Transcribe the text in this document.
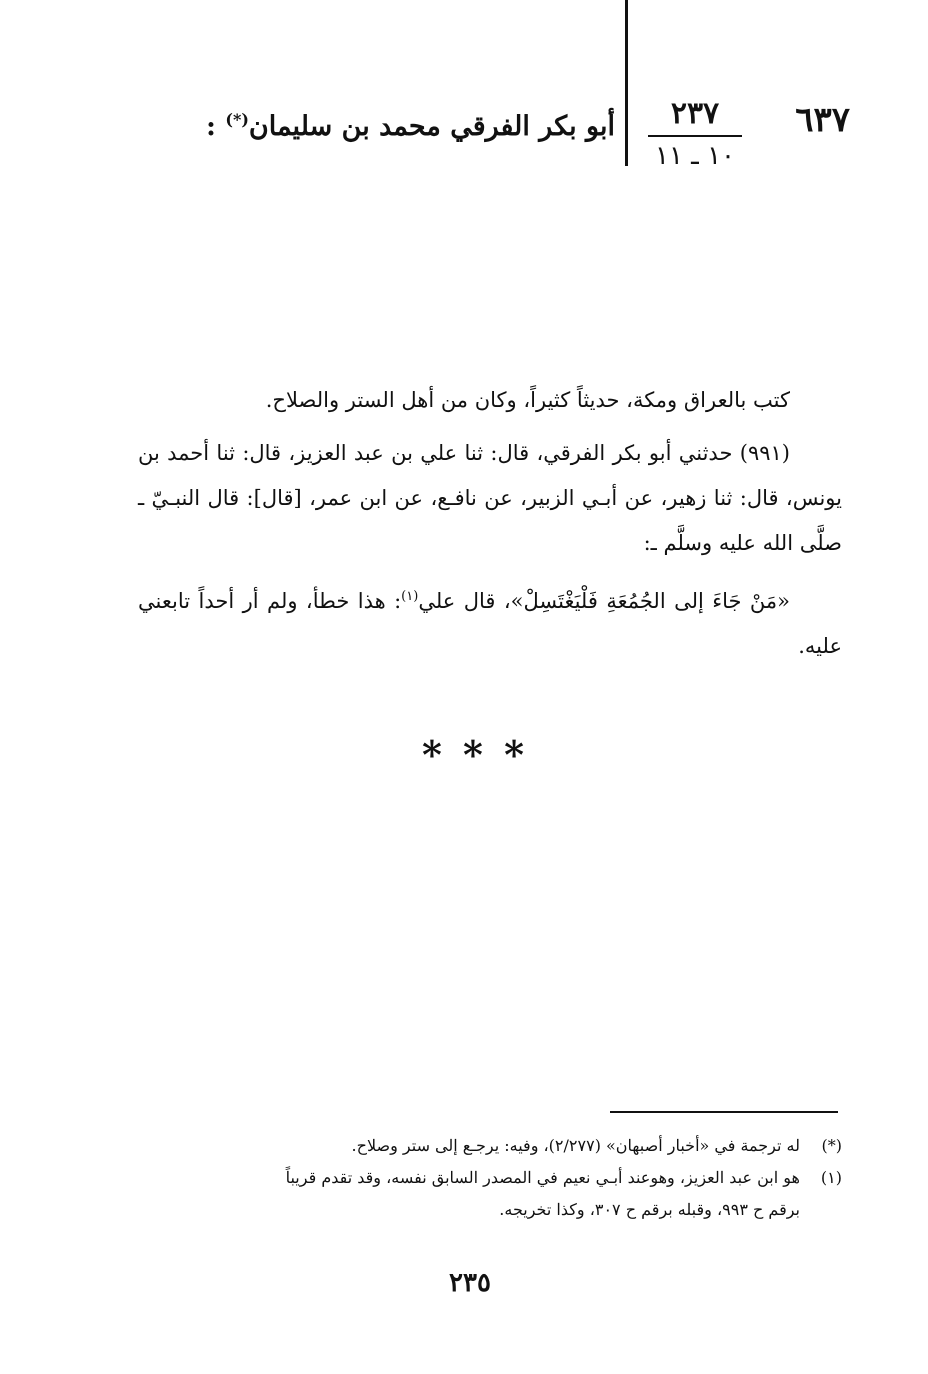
٦٣٧
٢٣٧
١٠ ـ ١١
أبو بكر الفرقي محمد بن سليمان(*) :

كتب بالعراق ومكة، حديثاً كثيراً، وكان من أهل الستر والصلاح.

(٩٩١) حدثني أبو بكر الفرقي، قال: ثنا علي بن عبد العزيز، قال: ثنا أحمد بن يونس، قال: ثنا زهير، عن أبـي الزبير، عن نافـع، عن ابن عمر، [قال]: قال النبـيّ ـ صلَّى الله عليه وسلَّم ـ:

«مَنْ جَاءَ إلى الجُمُعَةِ فَلْيَغْتَسِلْ»، قال علي$^{(١)}$: هذا خطأ، ولم أر أحداً تابعني عليه.

* * *

(*)له ترجمة في «أخبار أصبهان» (٢/٢٧٧)، وفيه: يرجـع إلى ستر وصلاح.

(١)هو ابن عبد العزيز، وهوعند أبـي نعيم في المصدر السابق نفسه، وقد تقدم قريباً

برقم ح ٩٩٣، وقبله برقم ح ٣٠٧، وكذا تخريجه.

٢٣٥
